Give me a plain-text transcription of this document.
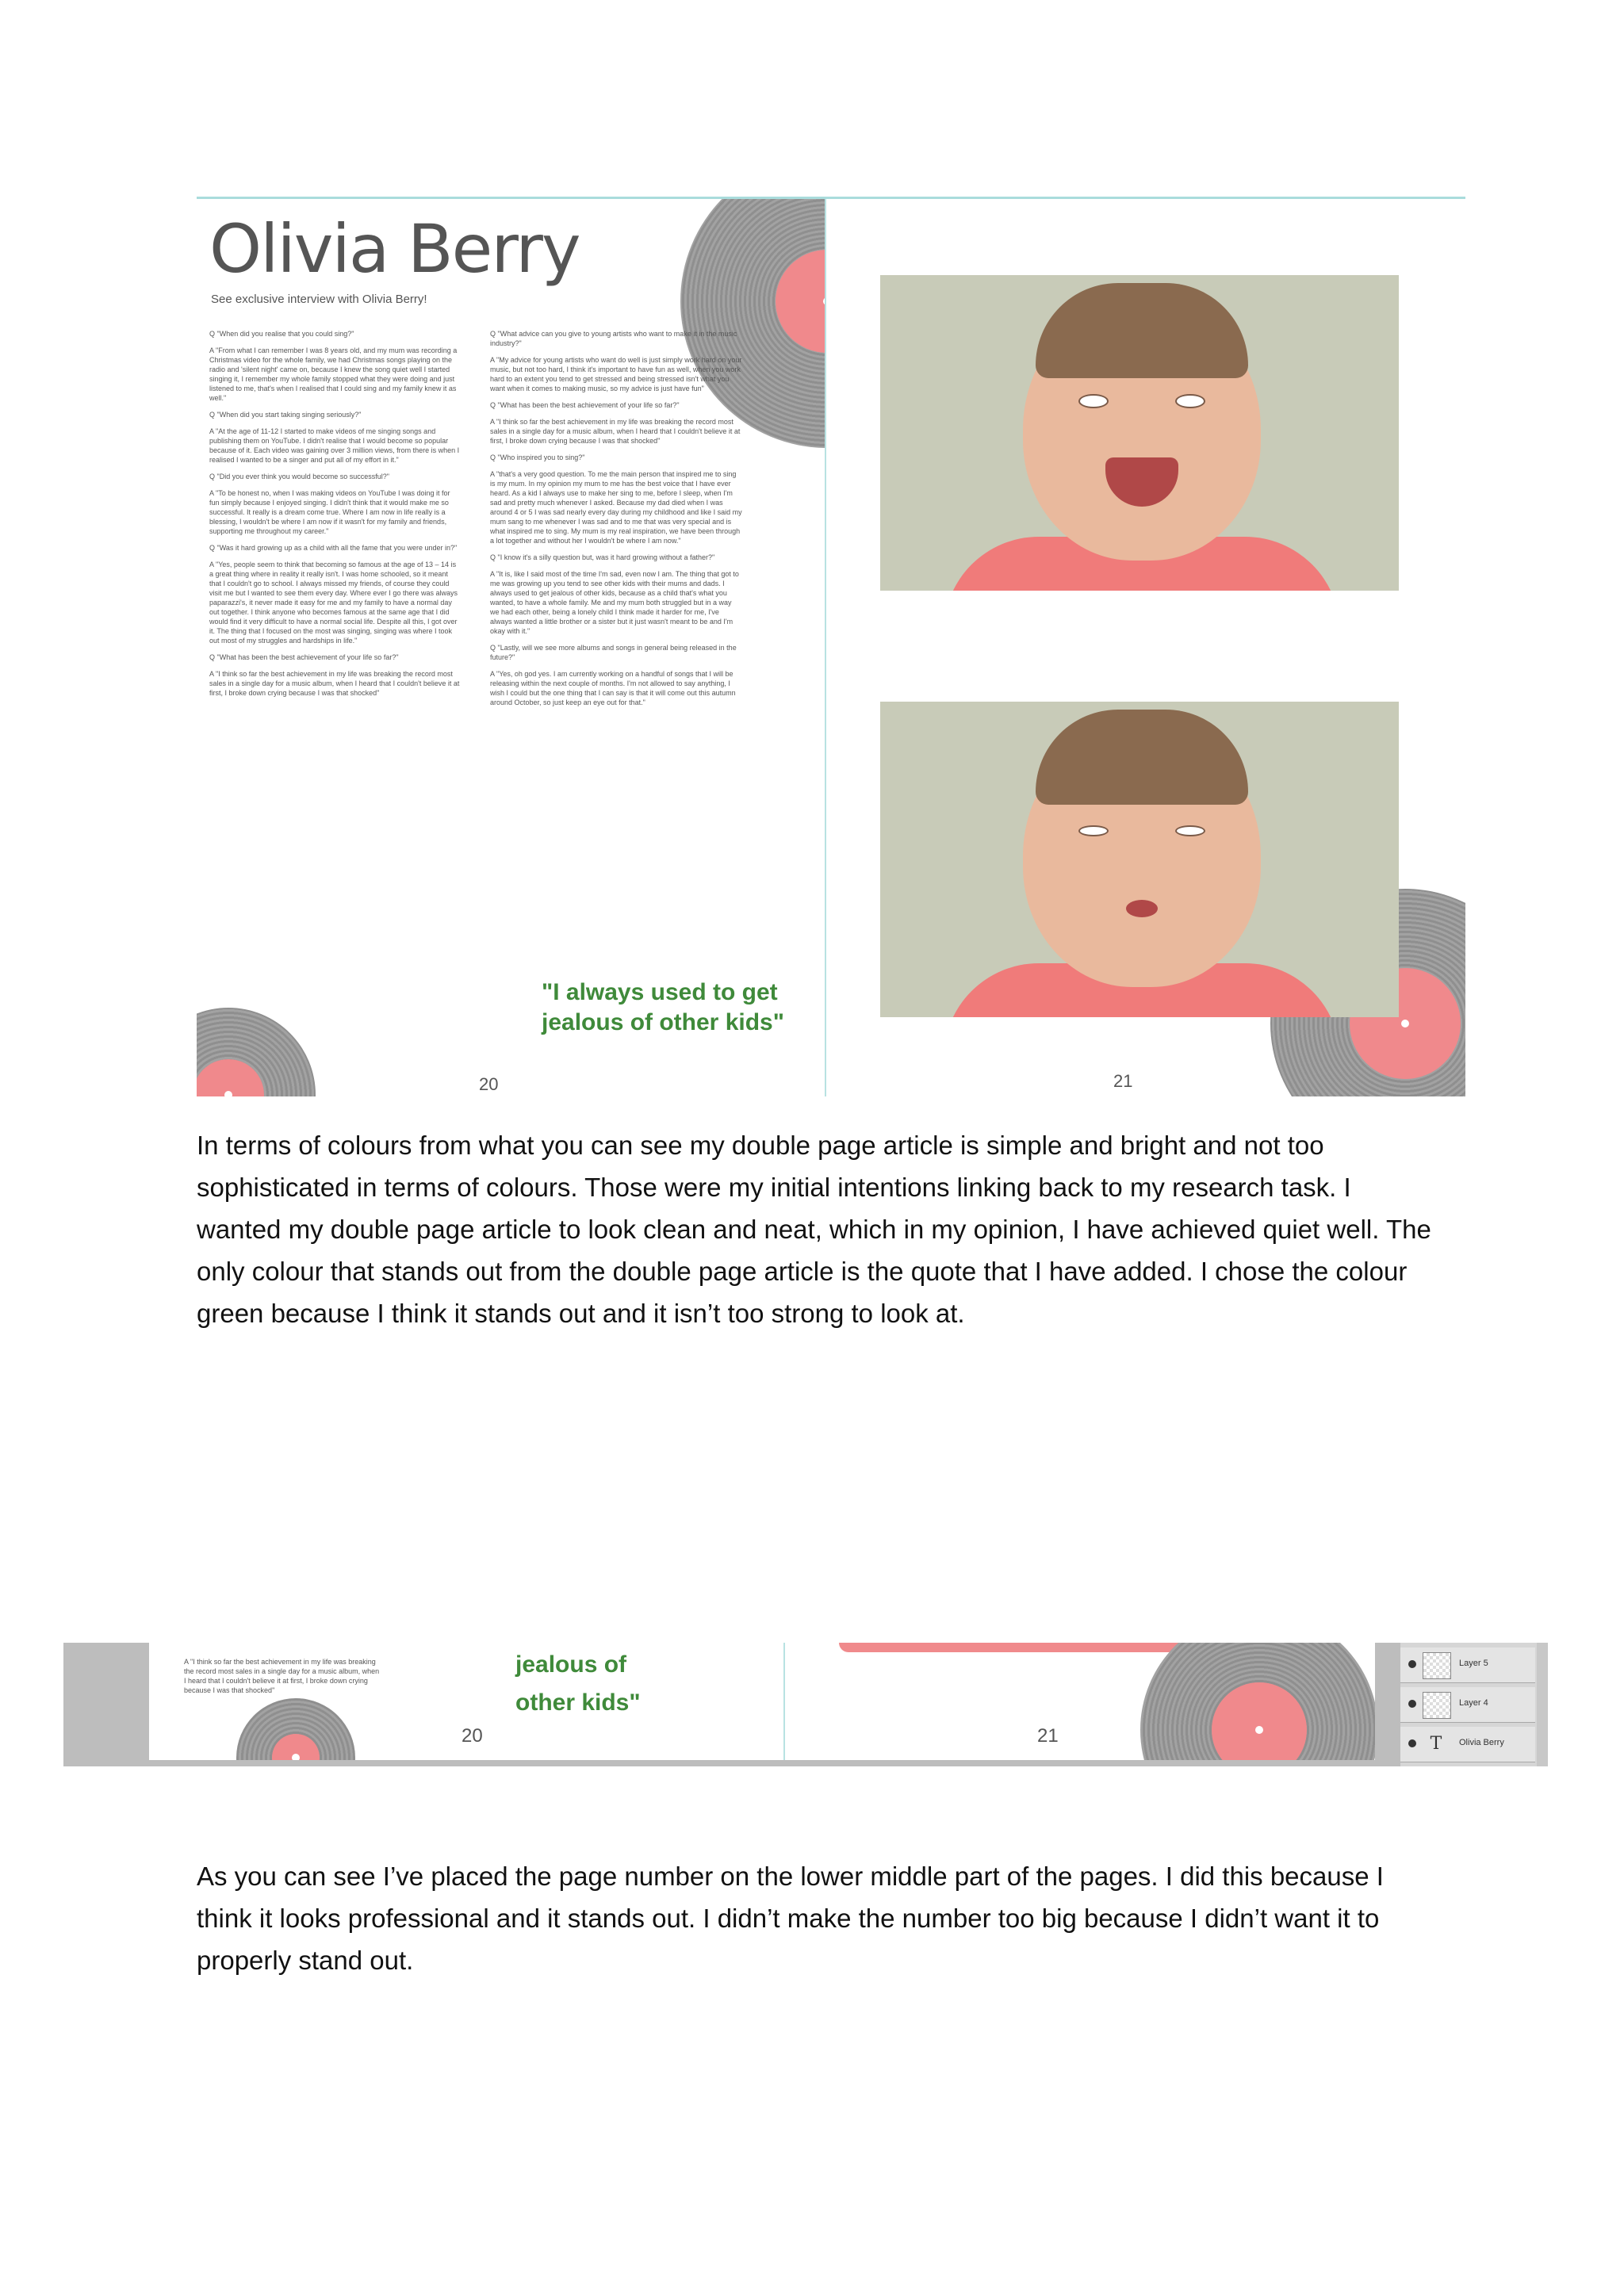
Olivia Berry
See exclusive interview with Olivia Berry!

Q "When did you realise that you could sing?"

A "From what I can remember I was 8 years old, and my mum was recording a Christmas video for the whole family, we had Christmas songs playing on the radio and 'silent night' came on, because I knew the song quiet well I started singing it, I remember my whole family stopped what they were doing and just listened to me, that's when I realised that I could sing and my family knew it as well."

Q "When did you start taking singing seriously?"

A "At the age of 11-12 I started to make videos of me singing songs and publishing them on YouTube. I didn't realise that I would become so popular because of it. Each video was gaining over 3 million views, from there is when I realised I wanted to be a singer and put all of my effort in it."

Q "Did you ever think you would become so successful?"

A "To be honest no, when I was making videos on YouTube I was doing it for fun simply because I enjoyed singing. I didn't think that it would make me so successful. It really is a dream come true. Where I am now in life really is a blessing, I wouldn't be where I am now if it wasn't for my family and friends, supporting me throughout my career."

Q "Was it hard growing up as a child with all the fame that you were under in?"

A "Yes, people seem to think that becoming so famous at the age of 13 – 14 is a great thing where in reality it really isn't. I was home schooled, so it meant that I couldn't go to school. I always missed my friends, of course they could visit me but I wanted to see them every day. Where ever I go there was always paparazzi's, it never made it easy for me and my family to have a normal day out together. I think anyone who becomes famous at the same age that I did would find it very difficult to have a normal social life. Despite all this, I got over it. The thing that I focused on the most was singing, singing was where I took out most of my struggles and hardships in life."

Q "What has been the best achievement of your life so far?"

A "I think so far the best achievement in my life was breaking the record most sales in a single day for a music album, when I heard that I couldn't believe it at first, I broke down crying because I was that shocked"

Q "What advice can you give to young artists who want to make it in the music industry?"

A "My advice for young artists who want do well is just simply work hard on your music, but not too hard, I think it's important to have fun as well, when you work hard to an extent you tend to get stressed and being stressed isn't what you want when it comes to making music, so my advice is just have fun"

Q "What has been the best achievement of your life so far?"

A "I think so far the best achievement in my life was breaking the record most sales in a single day for a music album, when I heard that I couldn't believe it at first, I broke down crying because I was that shocked"

Q "Who inspired you to sing?"

A "that's a very good question. To me the main person that inspired me to sing is my mum. In my opinion my mum to me has the best voice that I have ever heard. As a kid I always use to make her sing to me, before I sleep, when I'm sad and pretty much whenever I asked. Because my dad died when I was around 4 or 5 I was sad nearly every day during my childhood and like I said my mum sang to me whenever I was sad and to me that was very special and is what inspired me to sing. My mum is my real inspiration, we have been through a lot together and without her I wouldn't be where I am now."

Q "I know it's a silly question but, was it hard growing without a father?"

A "It is, like I said most of the time I'm sad, even now I am. The thing that got to me was growing up you tend to see other kids with their mums and dads. I always used to get jealous of other kids, because as a child that's what you wanted, to have a whole family. Me and my mum both struggled but in a way we had each other, being a lonely child I think made it harder for me, I've always wanted a little brother or a sister but it just wasn't meant to be and I'm okay with it."

Q "Lastly, will we see more albums and songs in general being released in the future?"

A "Yes, oh god yes. I am currently working on a handful of songs that I will be releasing within the next couple of months. I'm not allowed to say anything, I wish I could but the one thing that I can say is that it will come out this autumn around October, so just keep an eye out for that."

"I always used to get jealous of other kids"

20	21

In terms of colours from what you can see my double page article is simple and bright and not too sophisticated in terms of colours. Those were my initial intentions linking back to my research task. I wanted my double page article to look clean and neat, which in my opinion, I have achieved quiet well. The only colour that stands out from the double page article is the quote that I have added. I chose the colour green because I think it stands out and it isn’t too strong to look at.

A "I think so far the best achievement in my life was breaking the record most sales in a single day for a music album, when I heard that I couldn't believe it at first, I broke down crying because I was that shocked"

jealous of
other kids"

20	21
Layer 5
Layer 4
T	Olivia Berry

As you can see I’ve placed the page number on the lower middle part of the pages. I did this because I think it looks professional and it stands out. I didn’t make the number too big because I didn’t want it to properly stand out.
